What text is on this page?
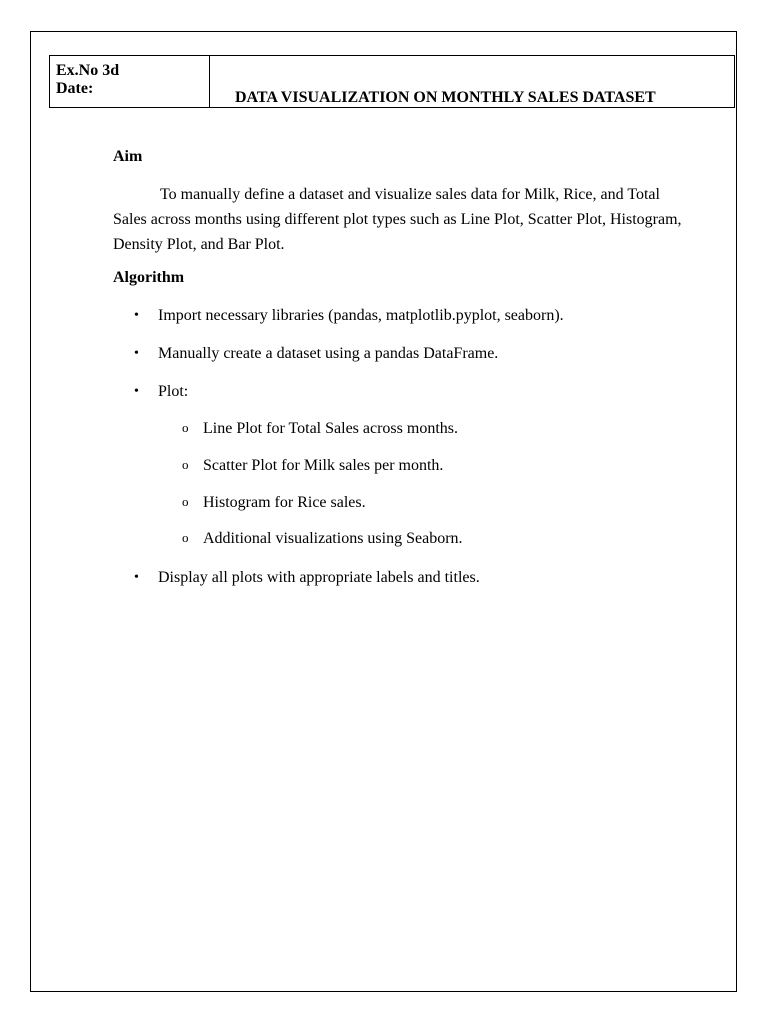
Ex.No 3d
Date:
DATA VISUALIZATION ON MONTHLY SALES DATASET
Aim

To manually define a dataset and visualize sales data for Milk, Rice, and Total Sales across months using different plot types such as Line Plot, Scatter Plot, Histogram, Density Plot, and Bar Plot.

Algorithm
• Import necessary libraries (pandas, matplotlib.pyplot, seaborn).
• Manually create a dataset using a pandas DataFrame.
• Plot:
o Line Plot for Total Sales across months.
o Scatter Plot for Milk sales per month.
o Histogram for Rice sales.
o Additional visualizations using Seaborn.
• Display all plots with appropriate labels and titles.
